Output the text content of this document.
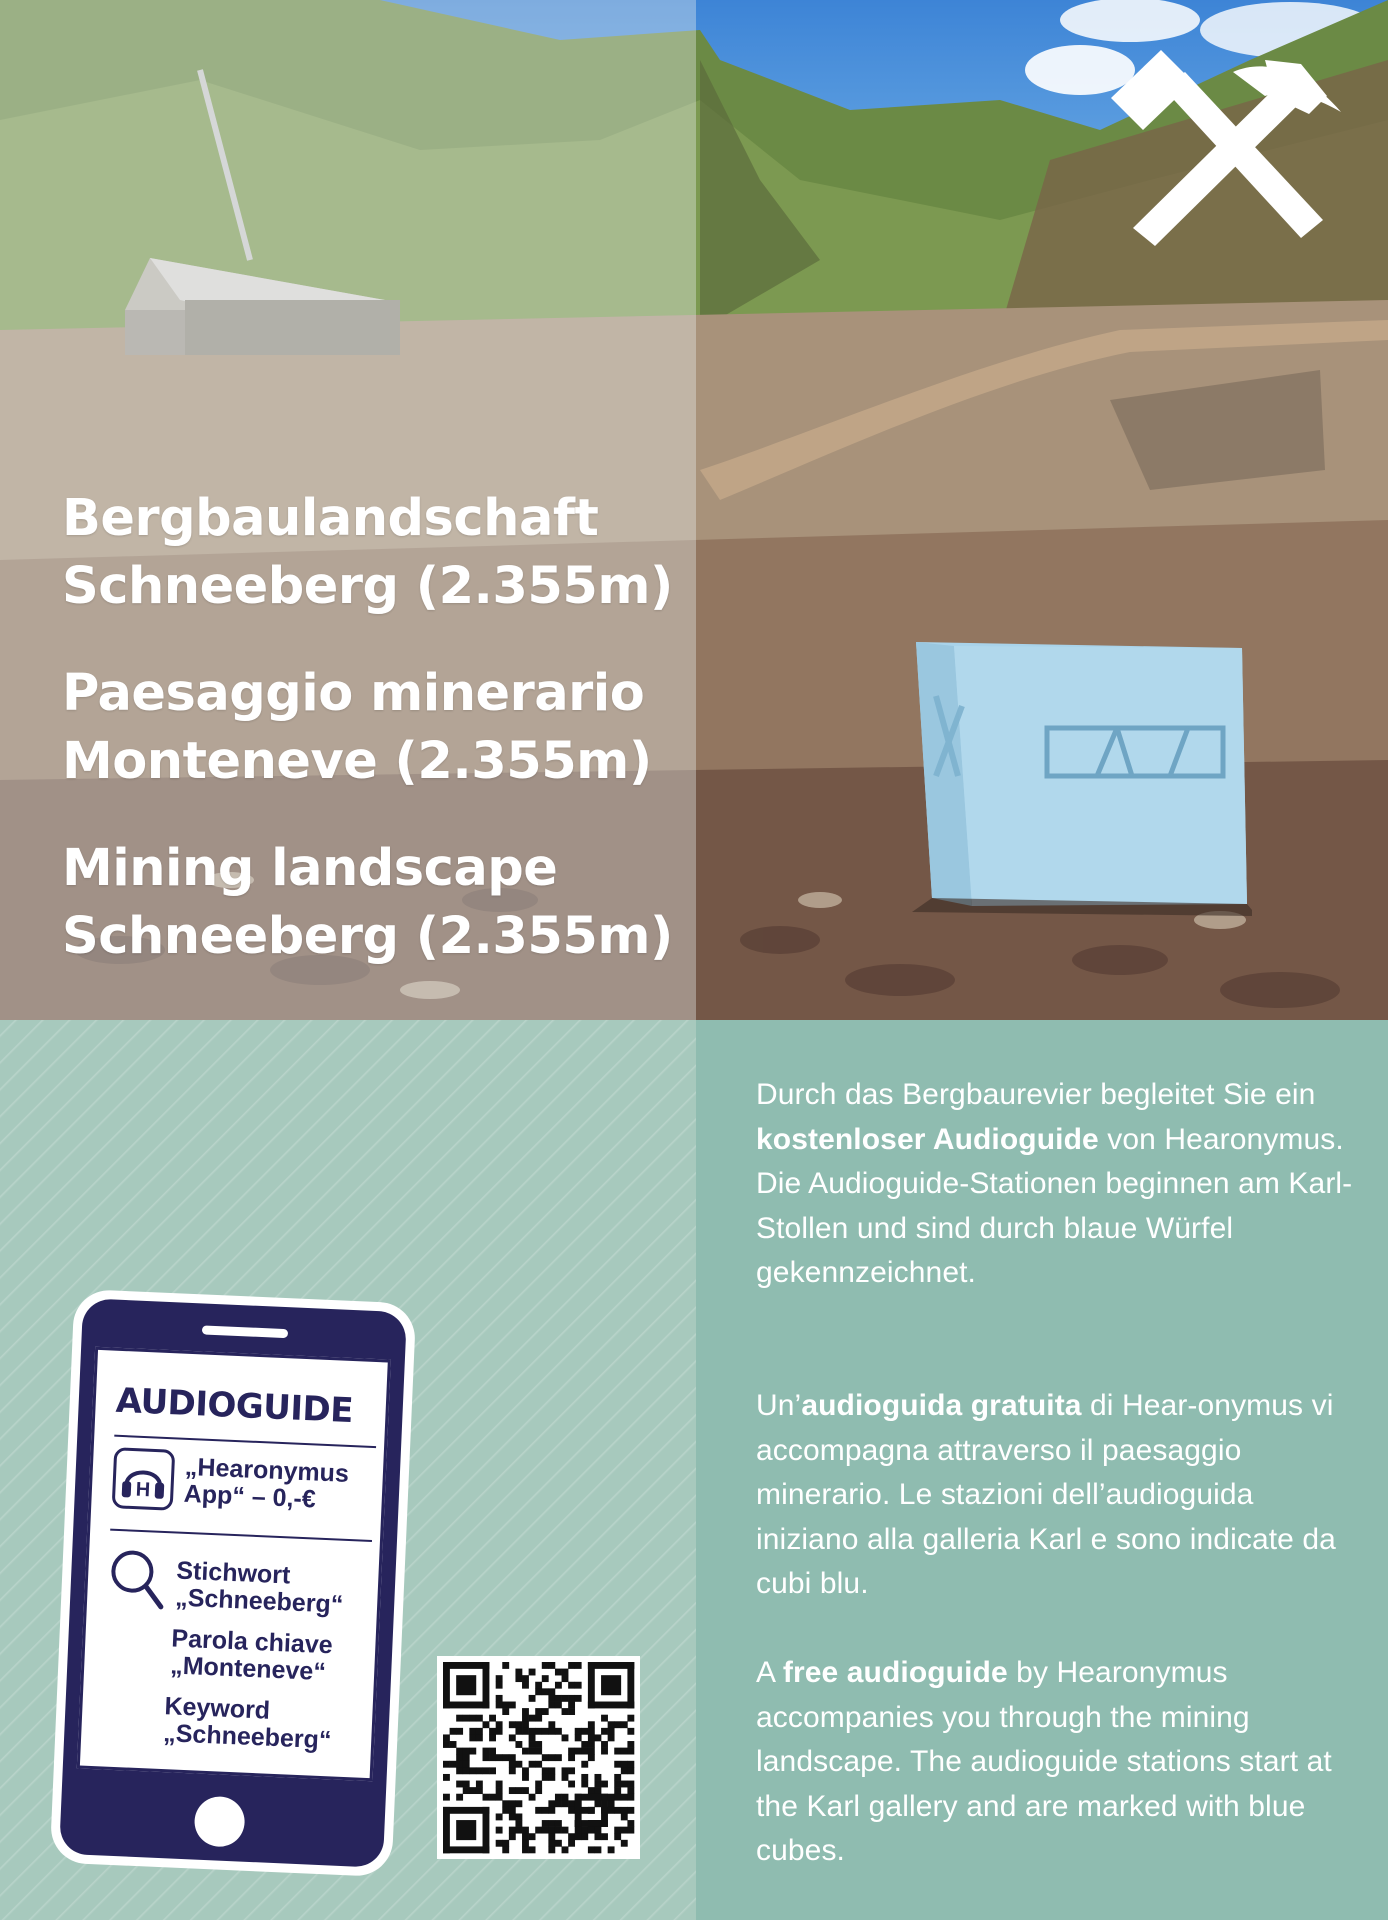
Bergbaulandschaft
Schneeberg (2.355m)
Paesaggio minerario
Monteneve (2.355m)
Mining landscape
Schneeberg (2.355m)
Durch das Bergbaurevier begleitet Sie ein kostenloser Audioguide von Hearonymus. Die Audioguide-Stationen beginnen am Karl-Stollen und sind durch blaue Würfel gekennzeichnet.
Un’audioguida gratuita di Hear-onymus vi accompagna attraverso il paesaggio minerario. Le stazioni dell’audioguida iniziano alla galleria Karl e sono indicate da cubi blu.
A free audioguide by Hearonymus accompanies you through the mining landscape. The audioguide stations start at the Karl gallery and are marked with blue cubes.
AUDIOGUIDE
H
„Hearonymus
App“ – 0,-€
Stichwort
„Schneeberg“
Parola chiave
„Monteneve“
Keyword
„Schneeberg“
